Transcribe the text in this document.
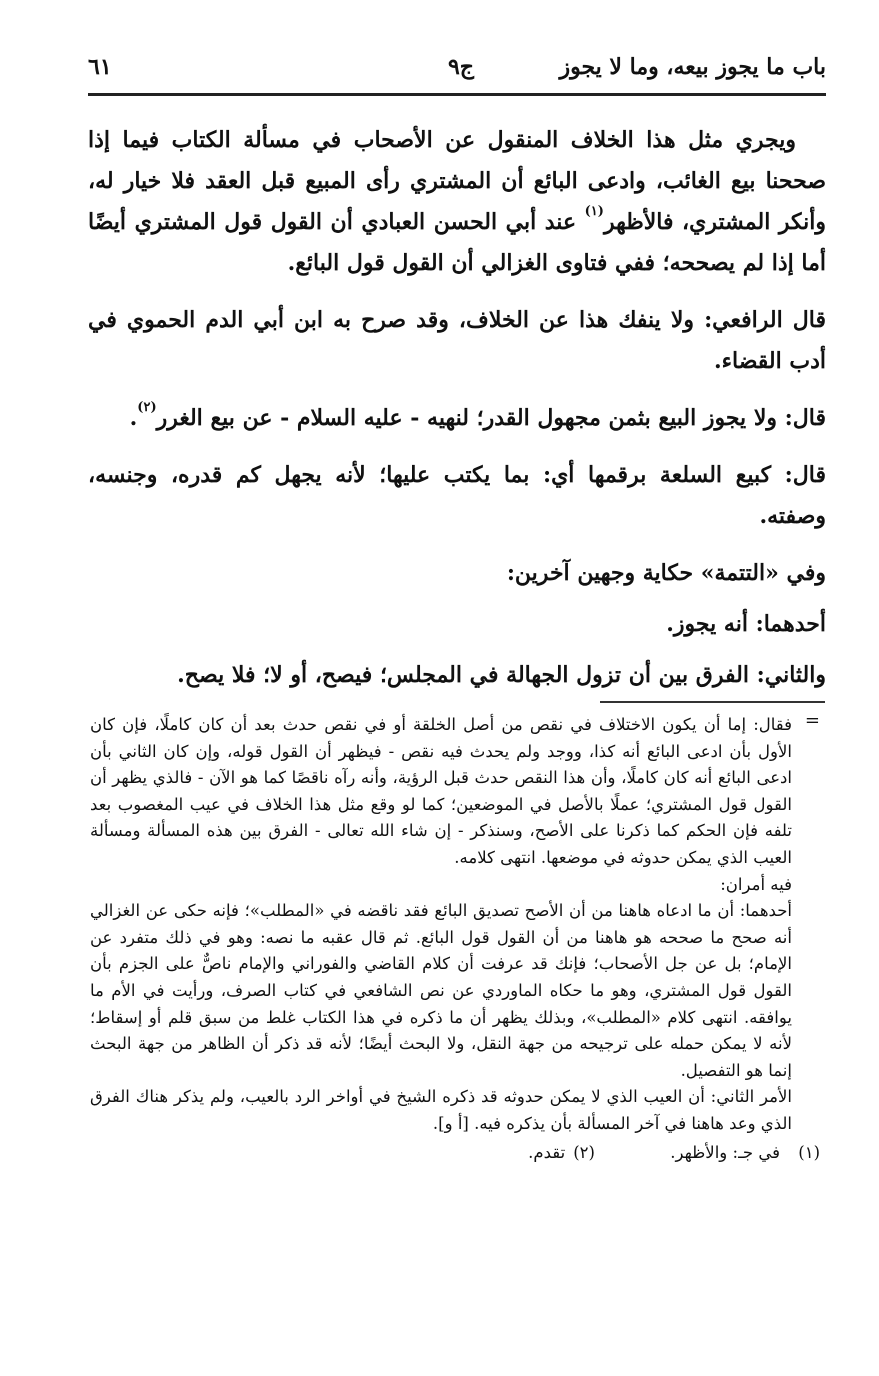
باب ما يجوز بيعه، وما لا يجوز
ج٩
٦١

ويجري مثل هذا الخلاف المنقول عن الأصحاب في مسألة الكتاب فيما إذا صححنا بيع الغائب، وادعى البائع أن المشتري رأى المبيع قبل العقد فلا خيار له، وأنكر المشتري، فالأظهر$^{(١)}$ عند أبي الحسن العبادي أن القول قول المشتري أيضًا أما إذا لم يصححه؛ ففي فتاوى الغزالي أن القول قول البائع.

قال الرافعي: ولا ينفك هذا عن الخلاف، وقد صرح به ابن أبي الدم الحموي في أدب القضاء.

قال: ولا يجوز البيع بثمن مجهول القدر؛ لنهيه - عليه السلام - عن بيع الغرر$^{(٢)}$.

قال: كبيع السلعة برقمها أي: بما يكتب عليها؛ لأنه يجهل كم قدره، وجنسه، وصفته.

وفي «التتمة» حكاية وجهين آخرين:

أحدهما: أنه يجوز.

والثاني: الفرق بين أن تزول الجهالة في المجلس؛ فيصح، أو لا؛ فلا يصح.

=

فقال: إما أن يكون الاختلاف في نقص من أصل الخلقة أو في نقص حدث بعد أن كان كاملًا، فإن كان الأول بأن ادعى البائع أنه كذا، ووجد ولم يحدث فيه نقص - فيظهر أن القول قوله، وإن كان الثاني بأن ادعى البائع أنه كان كاملًا، وأن هذا النقص حدث قبل الرؤية، وأنه رآه ناقصًا كما هو الآن - فالذي يظهر أن القول قول المشتري؛ عملًا بالأصل في الموضعين؛ كما لو وقع مثل هذا الخلاف في عيب المغصوب بعد تلفه فإن الحكم كما ذكرنا على الأصح، وسنذكر - إن شاء الله تعالى - الفرق بين هذه المسألة ومسألة العيب الذي يمكن حدوثه في موضعها. انتهى كلامه.

فيه أمران:

أحدهما: أن ما ادعاه هاهنا من أن الأصح تصديق البائع فقد ناقضه في «المطلب»؛ فإنه حكى عن الغزالي أنه صحح ما صححه هو هاهنا من أن القول قول البائع. ثم قال عقبه ما نصه: وهو في ذلك متفرد عن الإمام؛ بل عن جل الأصحاب؛ فإنك قد عرفت أن كلام القاضي والفوراني والإمام ناصٌّ على الجزم بأن القول قول المشتري، وهو ما حكاه الماوردي عن نص الشافعي في كتاب الصرف، ورأيت في الأم ما يوافقه. انتهى كلام «المطلب»، وبذلك يظهر أن ما ذكره في هذا الكتاب غلط من سبق قلم أو إسقاط؛ لأنه لا يمكن حمله على ترجيحه من جهة النقل، ولا البحث أيضًا؛ لأنه قد ذكر أن الظاهر من جهة البحث إنما هو التفصيل.

الأمر الثاني: أن العيب الذي لا يمكن حدوثه قد ذكره الشيخ في أواخر الرد بالعيب، ولم يذكر هناك الفرق الذي وعد هاهنا في آخر المسألة بأن يذكره فيه. [أ و].

(١)
في جـ: والأظهر. (٢)تقدم.
